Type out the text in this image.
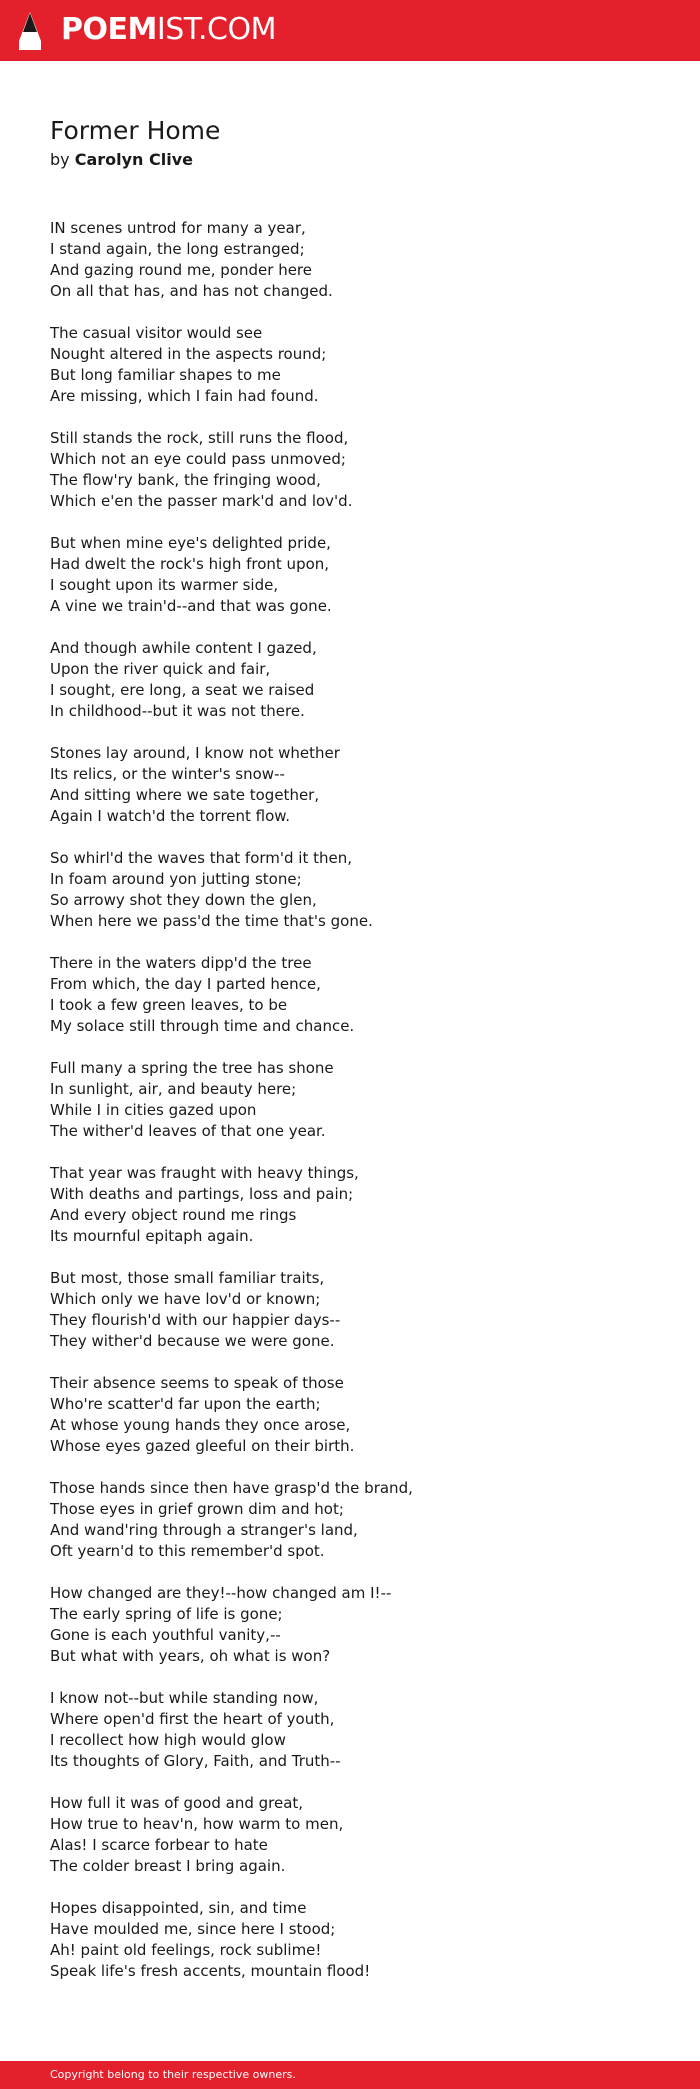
POEMIST.COM
Former Home

by Carolyn Clive

IN scenes untrod for many a year,
I stand again, the long estranged;
And gazing round me, ponder here
On all that has, and has not changed.
The casual visitor would see
Nought altered in the aspects round;
But long familiar shapes to me
Are missing, which I fain had found.
Still stands the rock, still runs the flood,
Which not an eye could pass unmoved;
The flow'ry bank, the fringing wood,
Which e'en the passer mark'd and lov'd.
But when mine eye's delighted pride,
Had dwelt the rock's high front upon,
I sought upon its warmer side,
A vine we train'd--and that was gone.
And though awhile content I gazed,
Upon the river quick and fair,
I sought, ere long, a seat we raised
In childhood--but it was not there.
Stones lay around, I know not whether
Its relics, or the winter's snow--
And sitting where we sate together,
Again I watch'd the torrent flow.
So whirl'd the waves that form'd it then,
In foam around yon jutting stone;
So arrowy shot they down the glen,
When here we pass'd the time that's gone.
There in the waters dipp'd the tree
From which, the day I parted hence,
I took a few green leaves, to be
My solace still through time and chance.
Full many a spring the tree has shone
In sunlight, air, and beauty here;
While I in cities gazed upon
The wither'd leaves of that one year.
That year was fraught with heavy things,
With deaths and partings, loss and pain;
And every object round me rings
Its mournful epitaph again.
But most, those small familiar traits,
Which only we have lov'd or known;
They flourish'd with our happier days--
They wither'd because we were gone.
Their absence seems to speak of those
Who're scatter'd far upon the earth;
At whose young hands they once arose,
Whose eyes gazed gleeful on their birth.
Those hands since then have grasp'd the brand,
Those eyes in grief grown dim and hot;
And wand'ring through a stranger's land,
Oft yearn'd to this remember'd spot.
How changed are they!--how changed am I!--
The early spring of life is gone;
Gone is each youthful vanity,--
But what with years, oh what is won?
I know not--but while standing now,
Where open'd first the heart of youth,
I recollect how high would glow
Its thoughts of Glory, Faith, and Truth--
How full it was of good and great,
How true to heav'n, how warm to men,
Alas! I scarce forbear to hate
The colder breast I bring again.
Hopes disappointed, sin, and time
Have moulded me, since here I stood;
Ah! paint old feelings, rock sublime!
Speak life's fresh accents, mountain flood!
Copyright belong to their respective owners.
